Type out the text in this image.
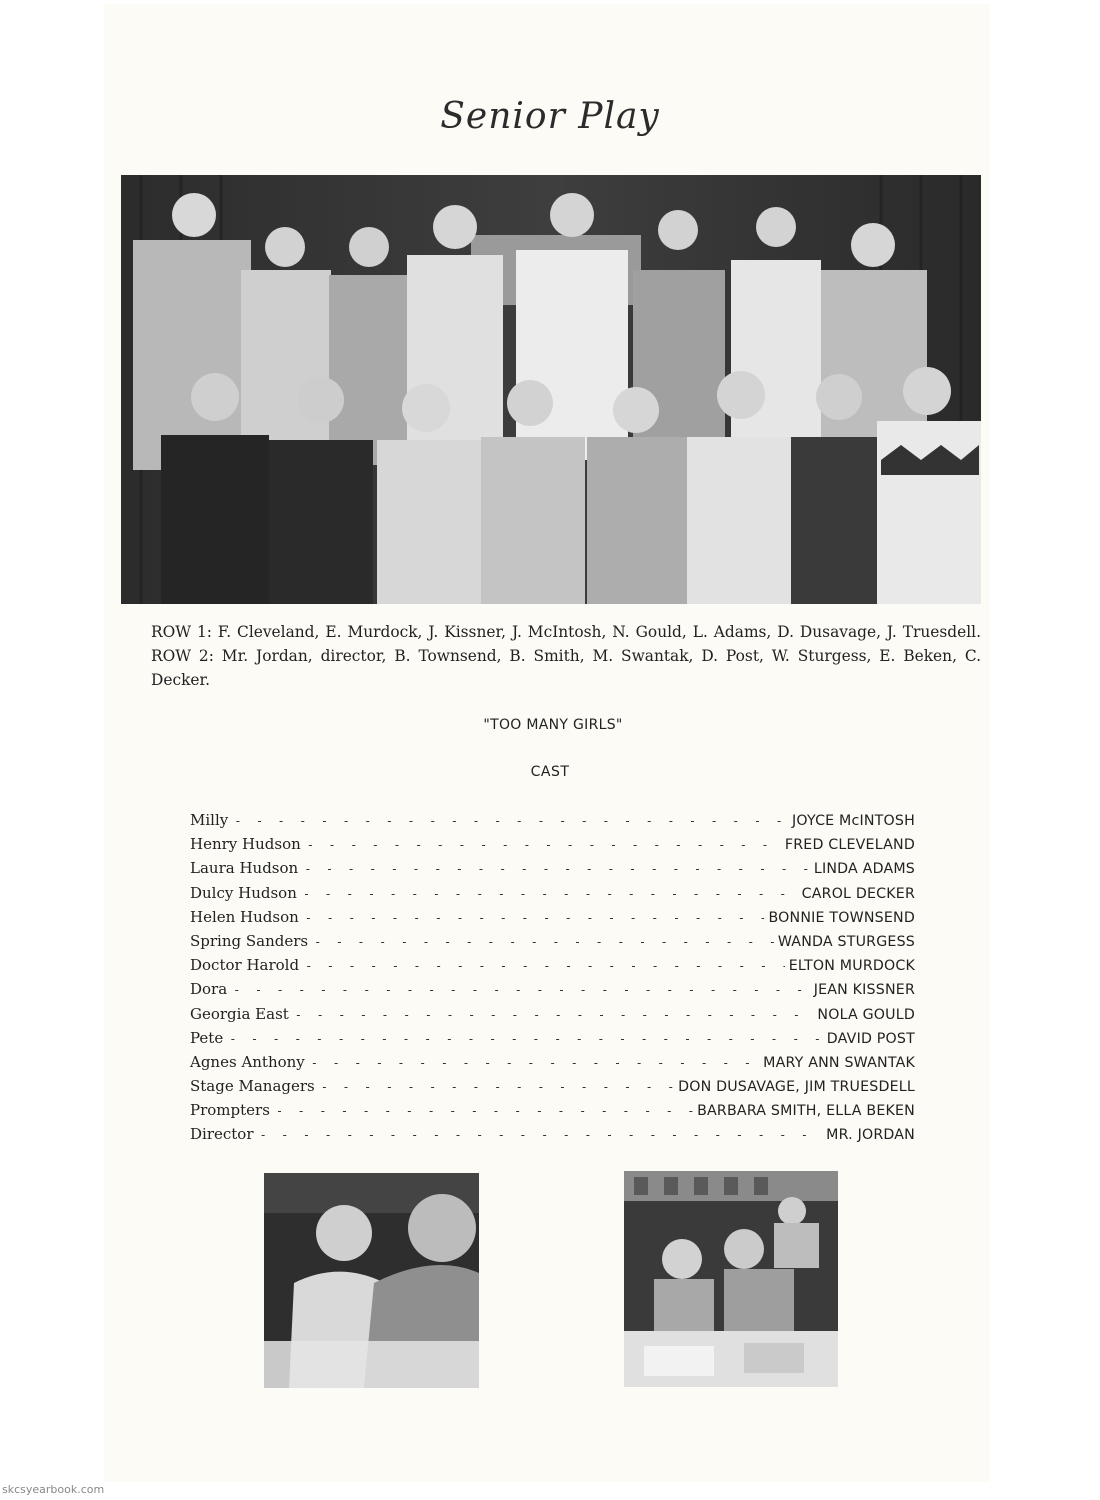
Senior Play

ROW 1: F. Cleveland, E. Murdock, J. Kissner, J. McIntosh, N. Gould, L. Adams, D. Dusavage, J. Truesdell. ROW 2: Mr. Jordan, director, B. Townsend, B. Smith, M. Swantak, D. Post, W. Sturgess, E. Beken, C. Decker.

"TOO MANY GIRLS"
CAST
Milly - - -	JOYCE McINTOSH
Henry Hudson - - -	FRED CLEVELAND
Laura Hudson - - -	LINDA ADAMS
Dulcy Hudson - - -	CAROL DECKER
Helen Hudson - - -	BONNIE TOWNSEND
Spring Sanders - - -	WANDA STURGESS
Doctor Harold - - -	ELTON MURDOCK
Dora - - -	JEAN KISSNER
Georgia East - - -	NOLA GOULD
Pete - - -	DAVID POST
Agnes Anthony - - -	MARY ANN SWANTAK
Stage Managers - - -	DON DUSAVAGE, JIM TRUESDELL
Prompters - - -	BARBARA SMITH, ELLA BEKEN
Director - - -	MR. JORDAN
skcsyearbook.com
